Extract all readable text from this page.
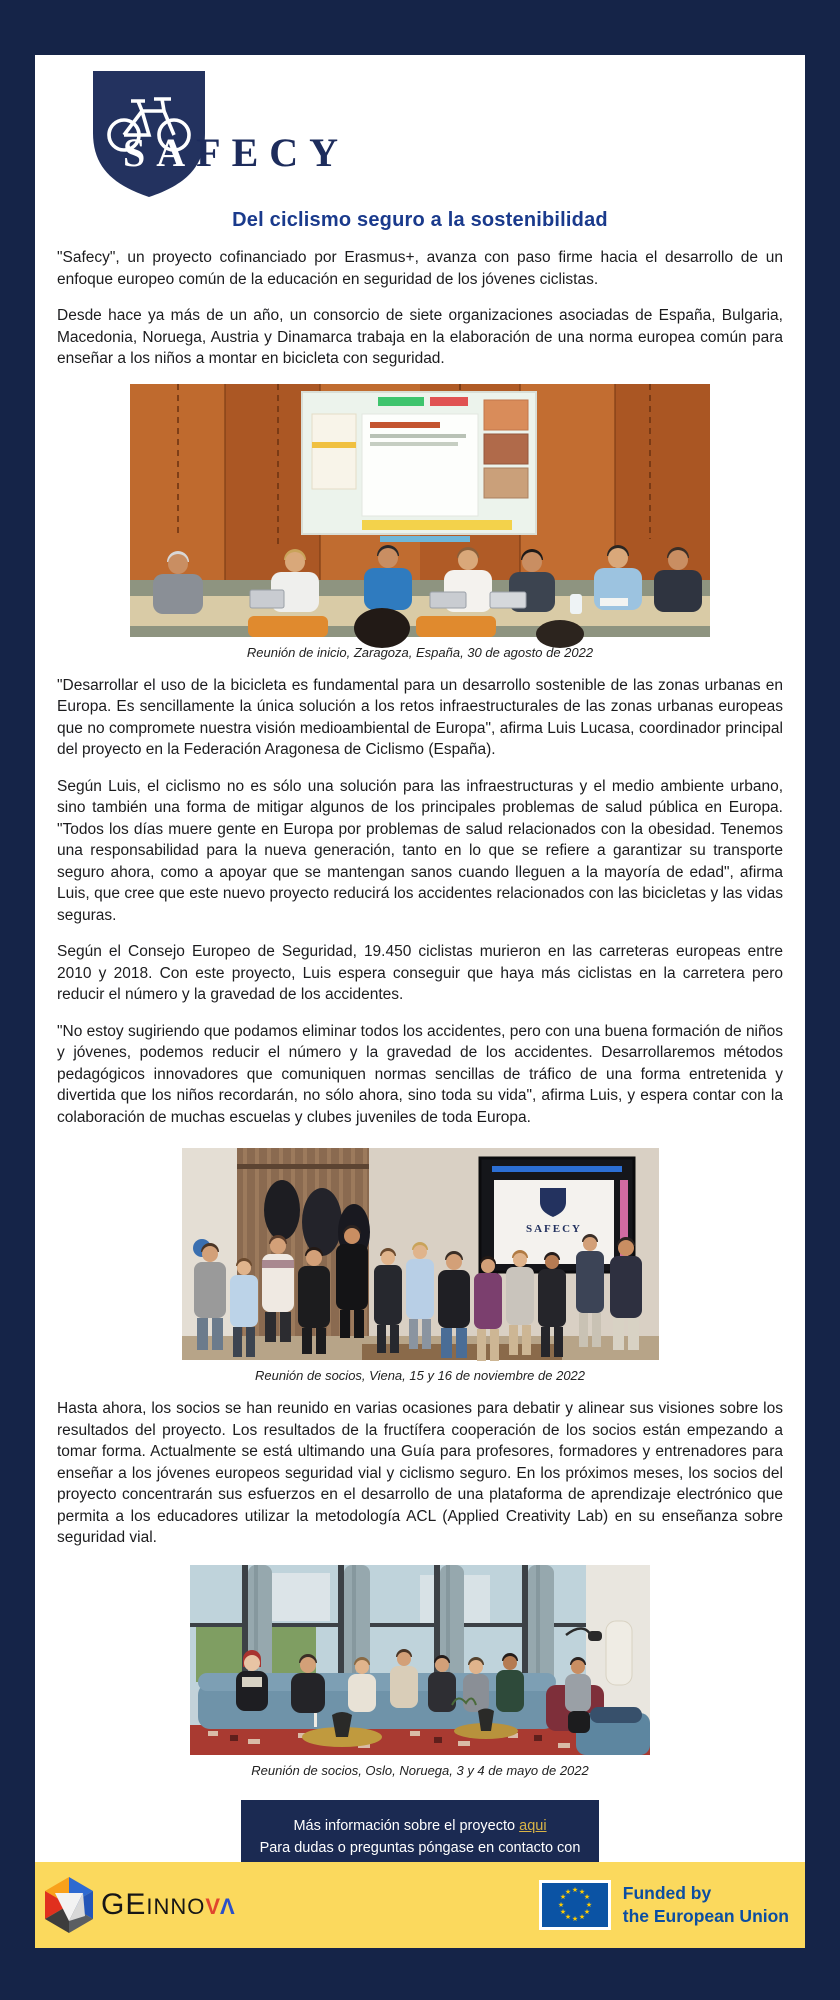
SAFECY
Del ciclismo seguro a la sostenibilidad

"Safecy", un proyecto cofinanciado por Erasmus+, avanza con paso firme hacia el desarrollo de un enfoque europeo común de la educación en seguridad de los jóvenes ciclistas.

Desde hace ya más de un año, un consorcio de siete organizaciones asociadas de España, Bulgaria, Macedonia, Noruega, Austria y Dinamarca trabaja en la elaboración de una norma europea común para enseñar a los niños a montar en bicicleta con seguridad.

Reunión de inicio, Zaragoza, España, 30 de agosto de 2022

"Desarrollar el uso de la bicicleta es fundamental para un desarrollo sostenible de las zonas urbanas en Europa. Es sencillamente la única solución a los retos infraestructurales de las zonas urbanas europeas que no compromete nuestra visión medioambiental de Europa", afirma Luis Lucasa, coordinador principal del proyecto en la Federación Aragonesa de Ciclismo (España).

Según Luis, el ciclismo no es sólo una solución para las infraestructuras y el medio ambiente urbano, sino también una forma de mitigar algunos de los principales problemas de salud pública en Europa. "Todos los días muere gente en Europa por problemas de salud relacionados con la obesidad. Tenemos una responsabilidad para la nueva generación, tanto en lo que se refiere a garantizar su transporte seguro ahora, como a apoyar que se mantengan sanos cuando lleguen a la mayoría de edad", afirma Luis, que cree que este nuevo proyecto reducirá los accidentes relacionados con las bicicletas y las vidas seguras.

Según el Consejo Europeo de Seguridad, 19.450 ciclistas murieron en las carreteras europeas entre 2010 y 2018. Con este proyecto, Luis espera conseguir que haya más ciclistas en la carretera pero reducir el número y la gravedad de los accidentes.

"No estoy sugiriendo que podamos eliminar todos los accidentes, pero con una buena formación de niños y jóvenes, podemos reducir el número y la gravedad de los accidentes. Desarrollaremos métodos pedagógicos innovadores que comuniquen normas sencillas de tráfico de una forma entretenida y divertida que los niños recordarán, no sólo ahora, sino toda su vida", afirma Luis, y espera contar con la colaboración de muchas escuelas y clubes juveniles de toda Europa.

SAFECY
Reunión de socios, Viena, 15 y 16 de noviembre de 2022

Hasta ahora, los socios se han reunido en varias ocasiones para debatir y alinear sus visiones sobre los resultados del proyecto. Los resultados de la fructífera cooperación de los socios están empezando a tomar forma. Actualmente se está ultimando una Guía para profesores, formadores y entrenadores para enseñar a los jóvenes europeos seguridad vial y ciclismo seguro. En los próximos meses, los socios del proyecto concentrarán sus esfuerzos en el desarrollo de una plataforma de aprendizaje electrónico que permita a los educadores utilizar la metodología ACL (Applied Creativity Lab) en su enseñanza sobre seguridad vial.

Reunión de socios, Oslo, Noruega, 3 y 4 de mayo de 2022
Más información sobre el proyecto aqui
Para dudas o preguntas póngase en contacto con
GEINNOVΛ
★ ★
★
★
★
★
★
★
★
★
★
★	Funded by
the European Union
